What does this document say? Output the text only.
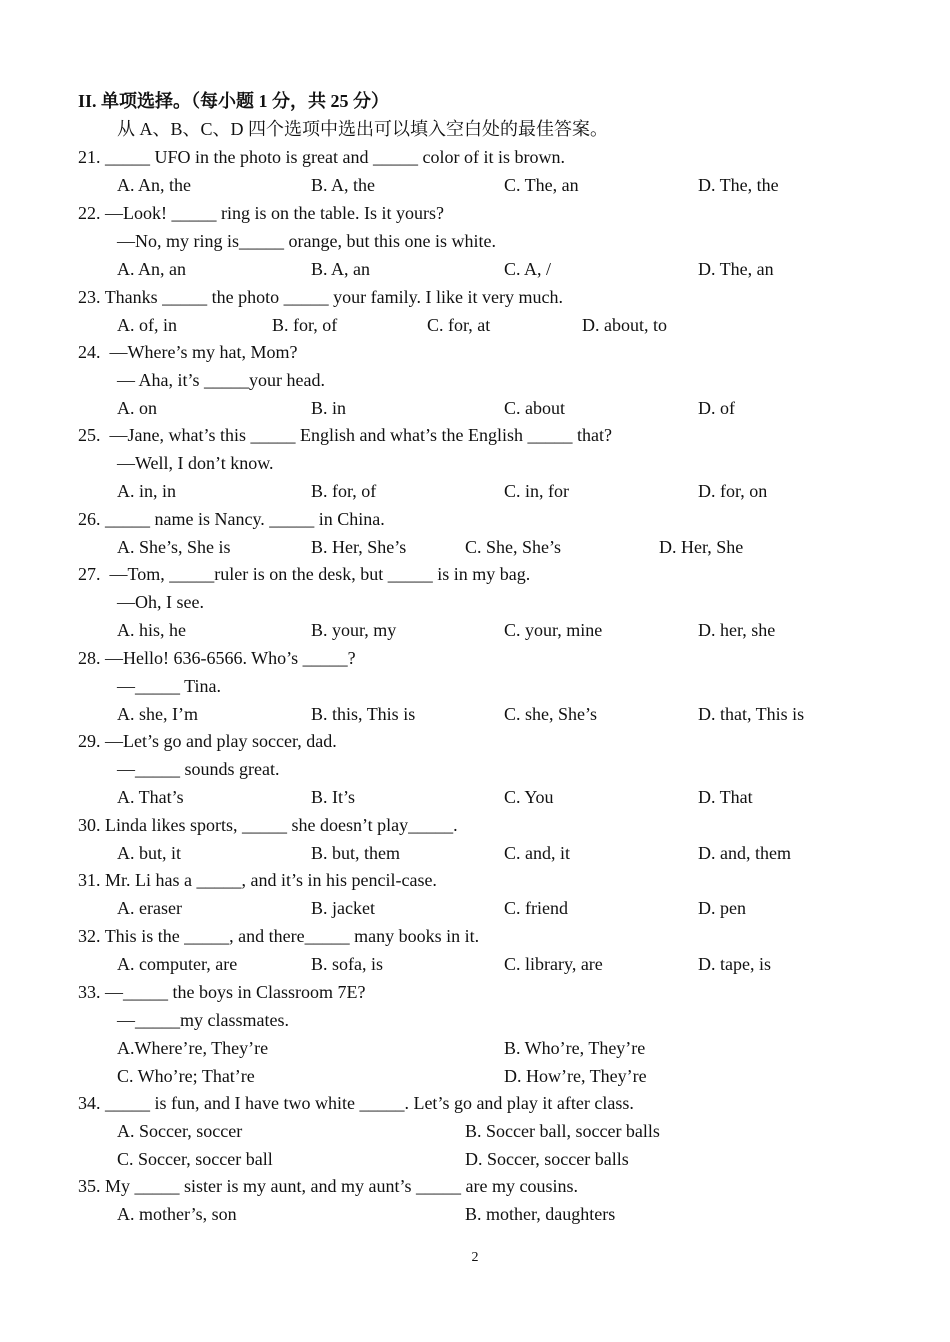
II. 单项选择。（每小题 1 分，共 25 分）
从 A、B、C、D 四个选项中选出可以填入空白处的最佳答案。
21. _____ UFO in the photo is great and _____ color of it is brown.
A. An, the	B. A, the	C. The, an	D. The, the
22. —Look! _____ ring is on the table. Is it yours?
—No, my ring is_____ orange, but this one is white.
A. An, an	B. A, an	C. A, /	D. The, an
23. Thanks _____ the photo _____ your family. I like it very much.
A. of, in	B. for, of	C. for, at	D. about, to
24. —Where’s my hat, Mom?
— Aha, it’s _____your head.
A. on	B. in	C. about	D. of
25. —Jane, what’s this _____ English and what’s the English _____ that?
—Well, I don’t know.
A. in, in	B. for, of	C. in, for	D. for, on
26. _____ name is Nancy. _____ in China.
A. She’s, She is	B. Her, She’s	C. She, She’s	D. Her, She
27. —Tom, _____ruler is on the desk, but _____ is in my bag.
—Oh, I see.
A. his, he	B. your, my	C. your, mine	D. her, she
28. —Hello! 636-6566. Who’s _____?
—_____ Tina.
A. she, I’m	B. this, This is	C. she, She’s	D. that, This is
29. —Let’s go and play soccer, dad.
—_____ sounds great.
A. That’s	B. It’s	C. You	D. That
30. Linda likes sports, _____ she doesn’t play_____.
A. but, it	B. but, them	C. and, it	D. and, them
31. Mr. Li has a _____, and it’s in his pencil-case.
A. eraser	B. jacket	C. friend	D. pen
32. This is the _____, and there_____ many books in it.
A. computer, are	B. sofa, is	C. library, are	D. tape, is
33. —_____ the boys in Classroom 7E?
—_____my classmates.
A.Where’re, They’re	B. Who’re, They’re
C. Who’re; That’re	D. How’re, They’re
34. _____ is fun, and I have two white _____. Let’s go and play it after class.
A. Soccer, soccer	B. Soccer ball, soccer balls
C. Soccer, soccer ball	D. Soccer, soccer balls
35. My _____ sister is my aunt, and my aunt’s _____ are my cousins.
A. mother’s, son	B. mother, daughters
2
